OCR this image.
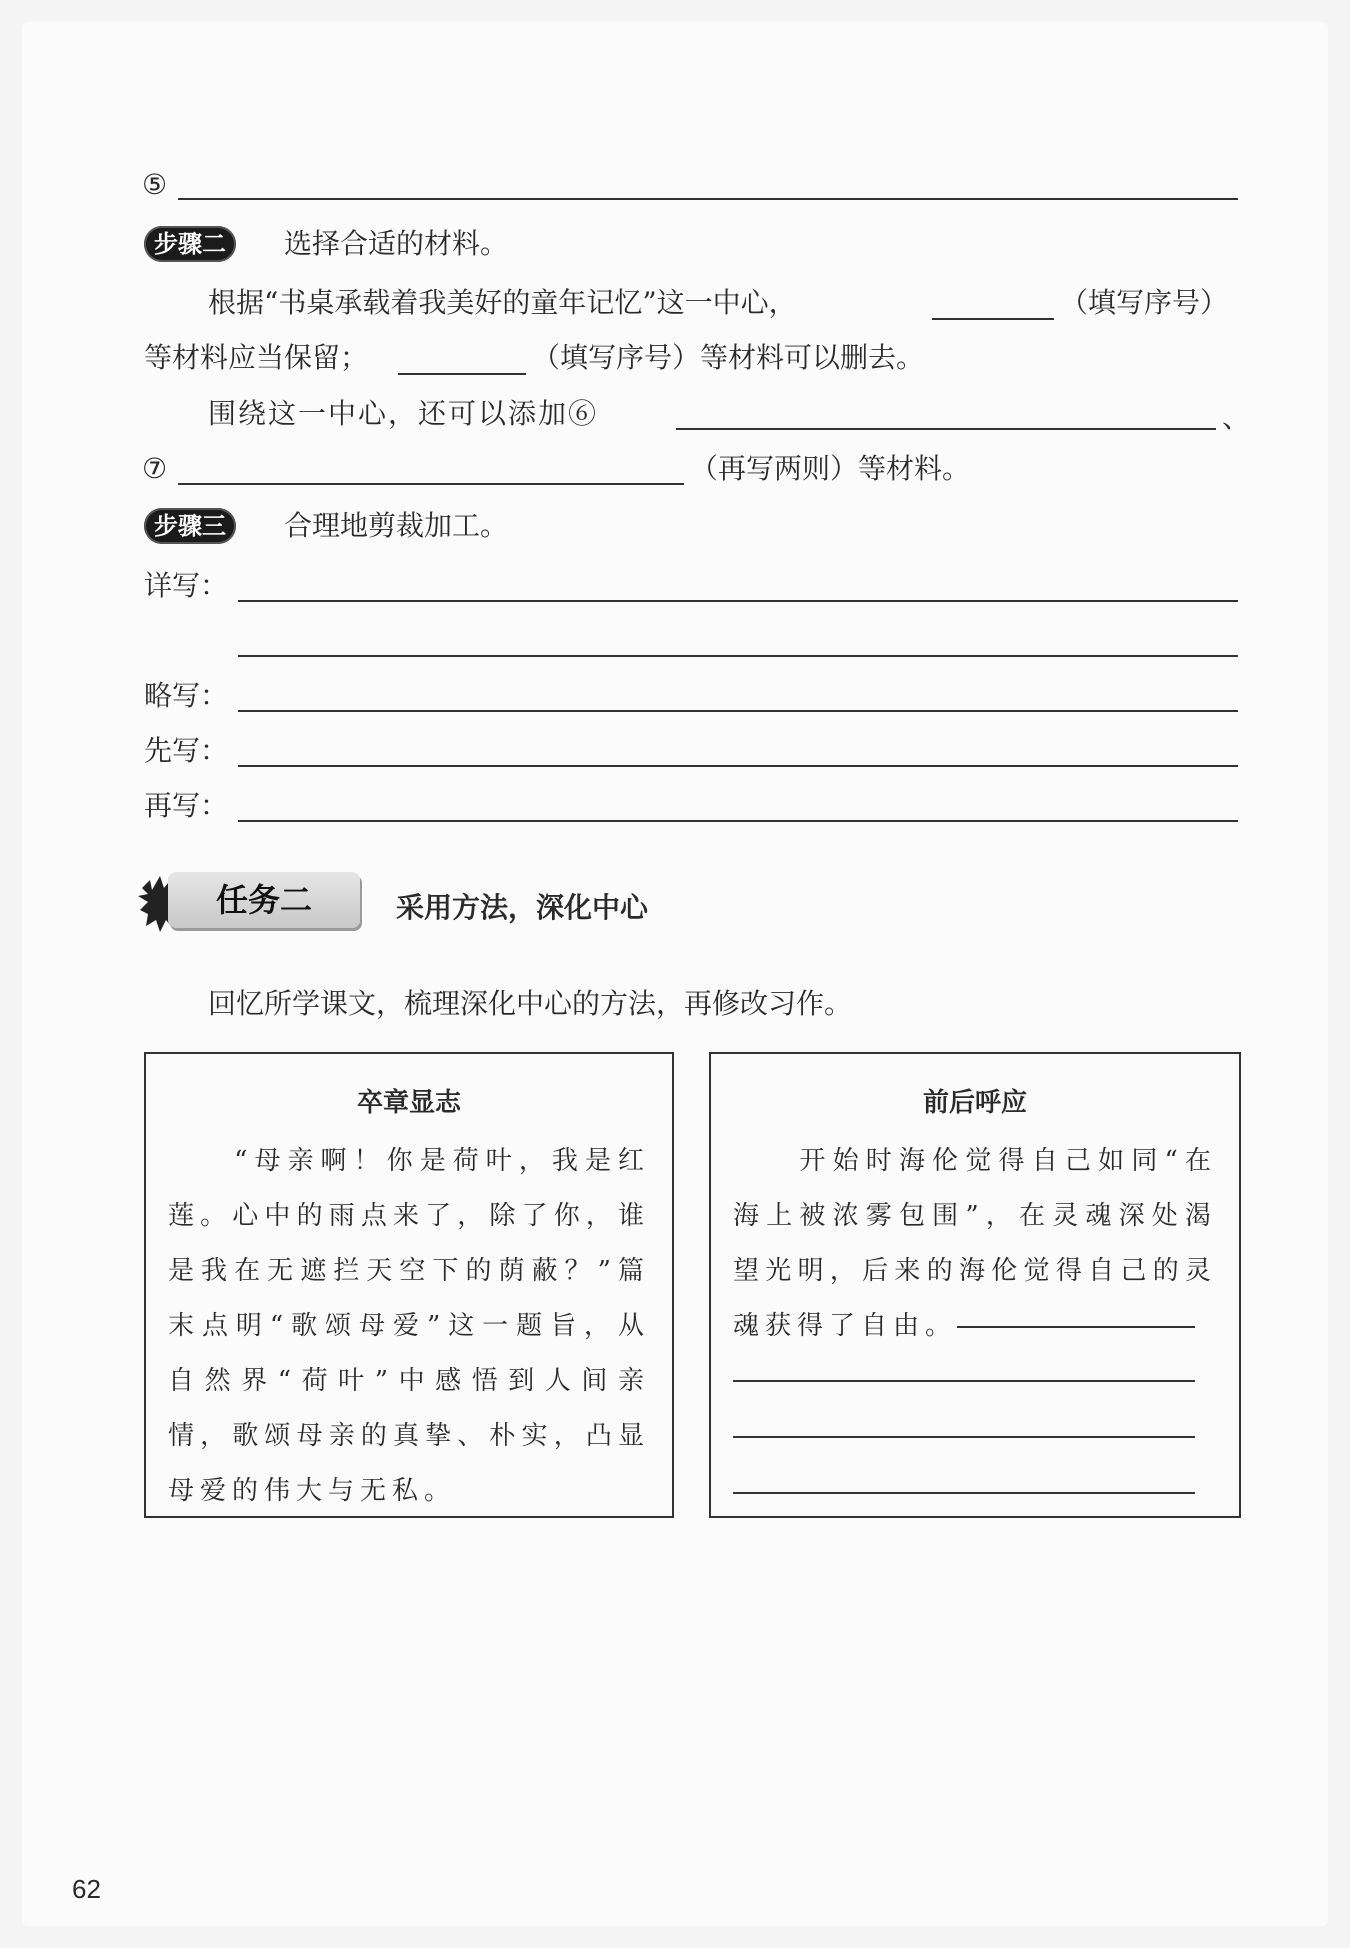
⑤
步骤二	选择合适的材料。
根据“书桌承载着我美好的童年记忆”这一中心，	（填写序号）
等材料应当保留；	（填写序号）等材料可以删去。
围绕这一中心，还可以添加⑥	、
⑦	（再写两则）等材料。
步骤三	合理地剪裁加工。
详写：
略写：
先写：
再写：
任务二	采用方法，深化中心
回忆所学课文，梳理深化中心的方法，再修改习作。
卒章显志
　　“母亲啊！你是荷叶，我是红莲。心中的雨点来了，除了你，谁是我在无遮拦天空下的荫蔽？”篇末点明“歌颂母爱”这一题旨，从自然界“荷叶”中感悟到人间亲情，歌颂母亲的真挚、朴实，凸显母爱的伟大与无私。
前后呼应
　　开始时海伦觉得自己如同“在海上被浓雾包围”，在灵魂深处渴望光明，后来的海伦觉得自己的灵魂获得了自由。
62
